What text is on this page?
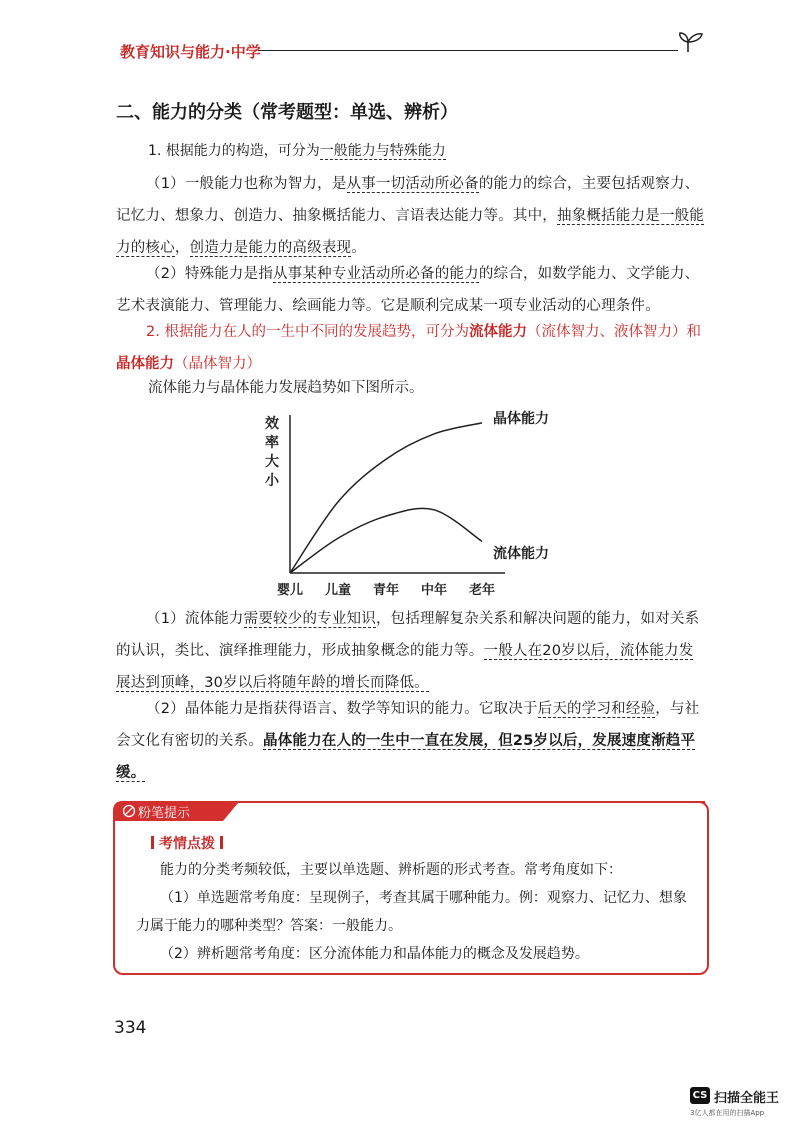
教育知识与能力·中学
二、能力的分类（常考题型：单选、辨析）
1. 根据能力的构造，可分为一般能力与特殊能力
（1）一般能力也称为智力，是从事一切活动所必备的能力的综合，主要包括观察力、记忆力、想象力、创造力、抽象概括能力、言语表达能力等。其中，抽象概括能力是一般能力的核心，创造力是能力的高级表现。
（2）特殊能力是指从事某种专业活动所必备的能力的综合，如数学能力、文学能力、艺术表演能力、管理能力、绘画能力等。它是顺利完成某一项专业活动的心理条件。
2. 根据能力在人的一生中不同的发展趋势，可分为流体能力（流体智力、液体智力）和晶体能力（晶体智力）
流体能力与晶体能力发展趋势如下图所示。
效
率
大
小
晶体能力
流体能力
婴儿 儿童 青年 中年 老年
（1）流体能力需要较少的专业知识，包括理解复杂关系和解决问题的能力，如对关系的认识，类比、演绎推理能力，形成抽象概念的能力等。一般人在20岁以后，流体能力发展达到顶峰，30岁以后将随年龄的增长而降低。
（2）晶体能力是指获得语言、数学等知识的能力。它取决于后天的学习和经验，与社会文化有密切的关系。晶体能力在人的一生中一直在发展，但25岁以后，发展速度渐趋平缓。
粉笔提示
考情点拨
能力的分类考频较低，主要以单选题、辨析题的形式考查。常考角度如下：
（1）单选题常考角度：呈现例子，考查其属于哪种能力。例：观察力、记忆力、想象力属于能力的哪种类型？答案：一般能力。
（2）辨析题常考角度：区分流体能力和晶体能力的概念及发展趋势。
334
CS 扫描全能王
3亿人都在用的扫描App
